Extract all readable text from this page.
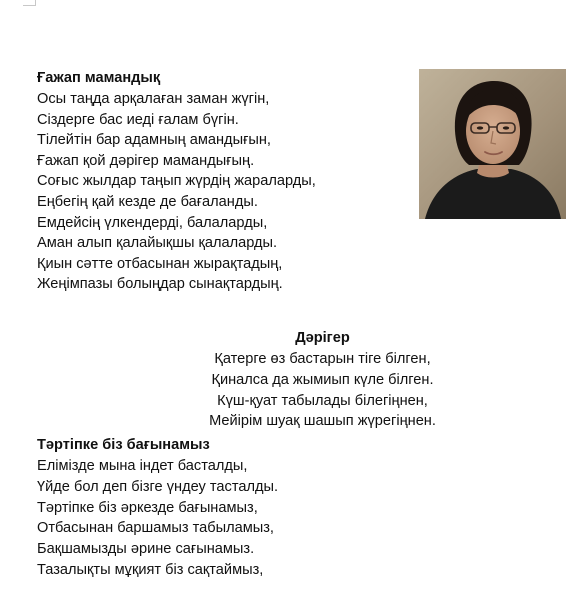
Ғажап мамандық
Осы таңда арқалаған заман жүгін,
Сіздерге бас иеді ғалам бүгін.
Тілейтін бар адамның амандығын,
Ғажап қой дәрігер мамандығың.
Соғыс жылдар таңып жүрдің жараларды,
Еңбегің қай кезде де бағаланды.
Емдейсің үлкендерді, балаларды,
Аман алып қалайықшы қалаларды.
Қиын сәтте отбасынан жырақтадың,
Жеңімпазы болыңдар сынақтардың.
Дәрігер
Қатерге өз бастарын тіге білген,
Қиналса да жымиып күле білген.
Күш-қуат табылады білегіңнен,
Мейірім шуақ шашып жүрегіңнен.
Тәртіпке біз бағынамыз
Елімізде мына індет басталды,
Үйде бол деп бізге үндеу тасталды.
Тәртіпке біз әркезде бағынамыз,
Отбасынан баршамыз табыламыз,
Бақшамызды әрине сағынамыз.
Тазалықты мұқият біз сақтаймыз,
